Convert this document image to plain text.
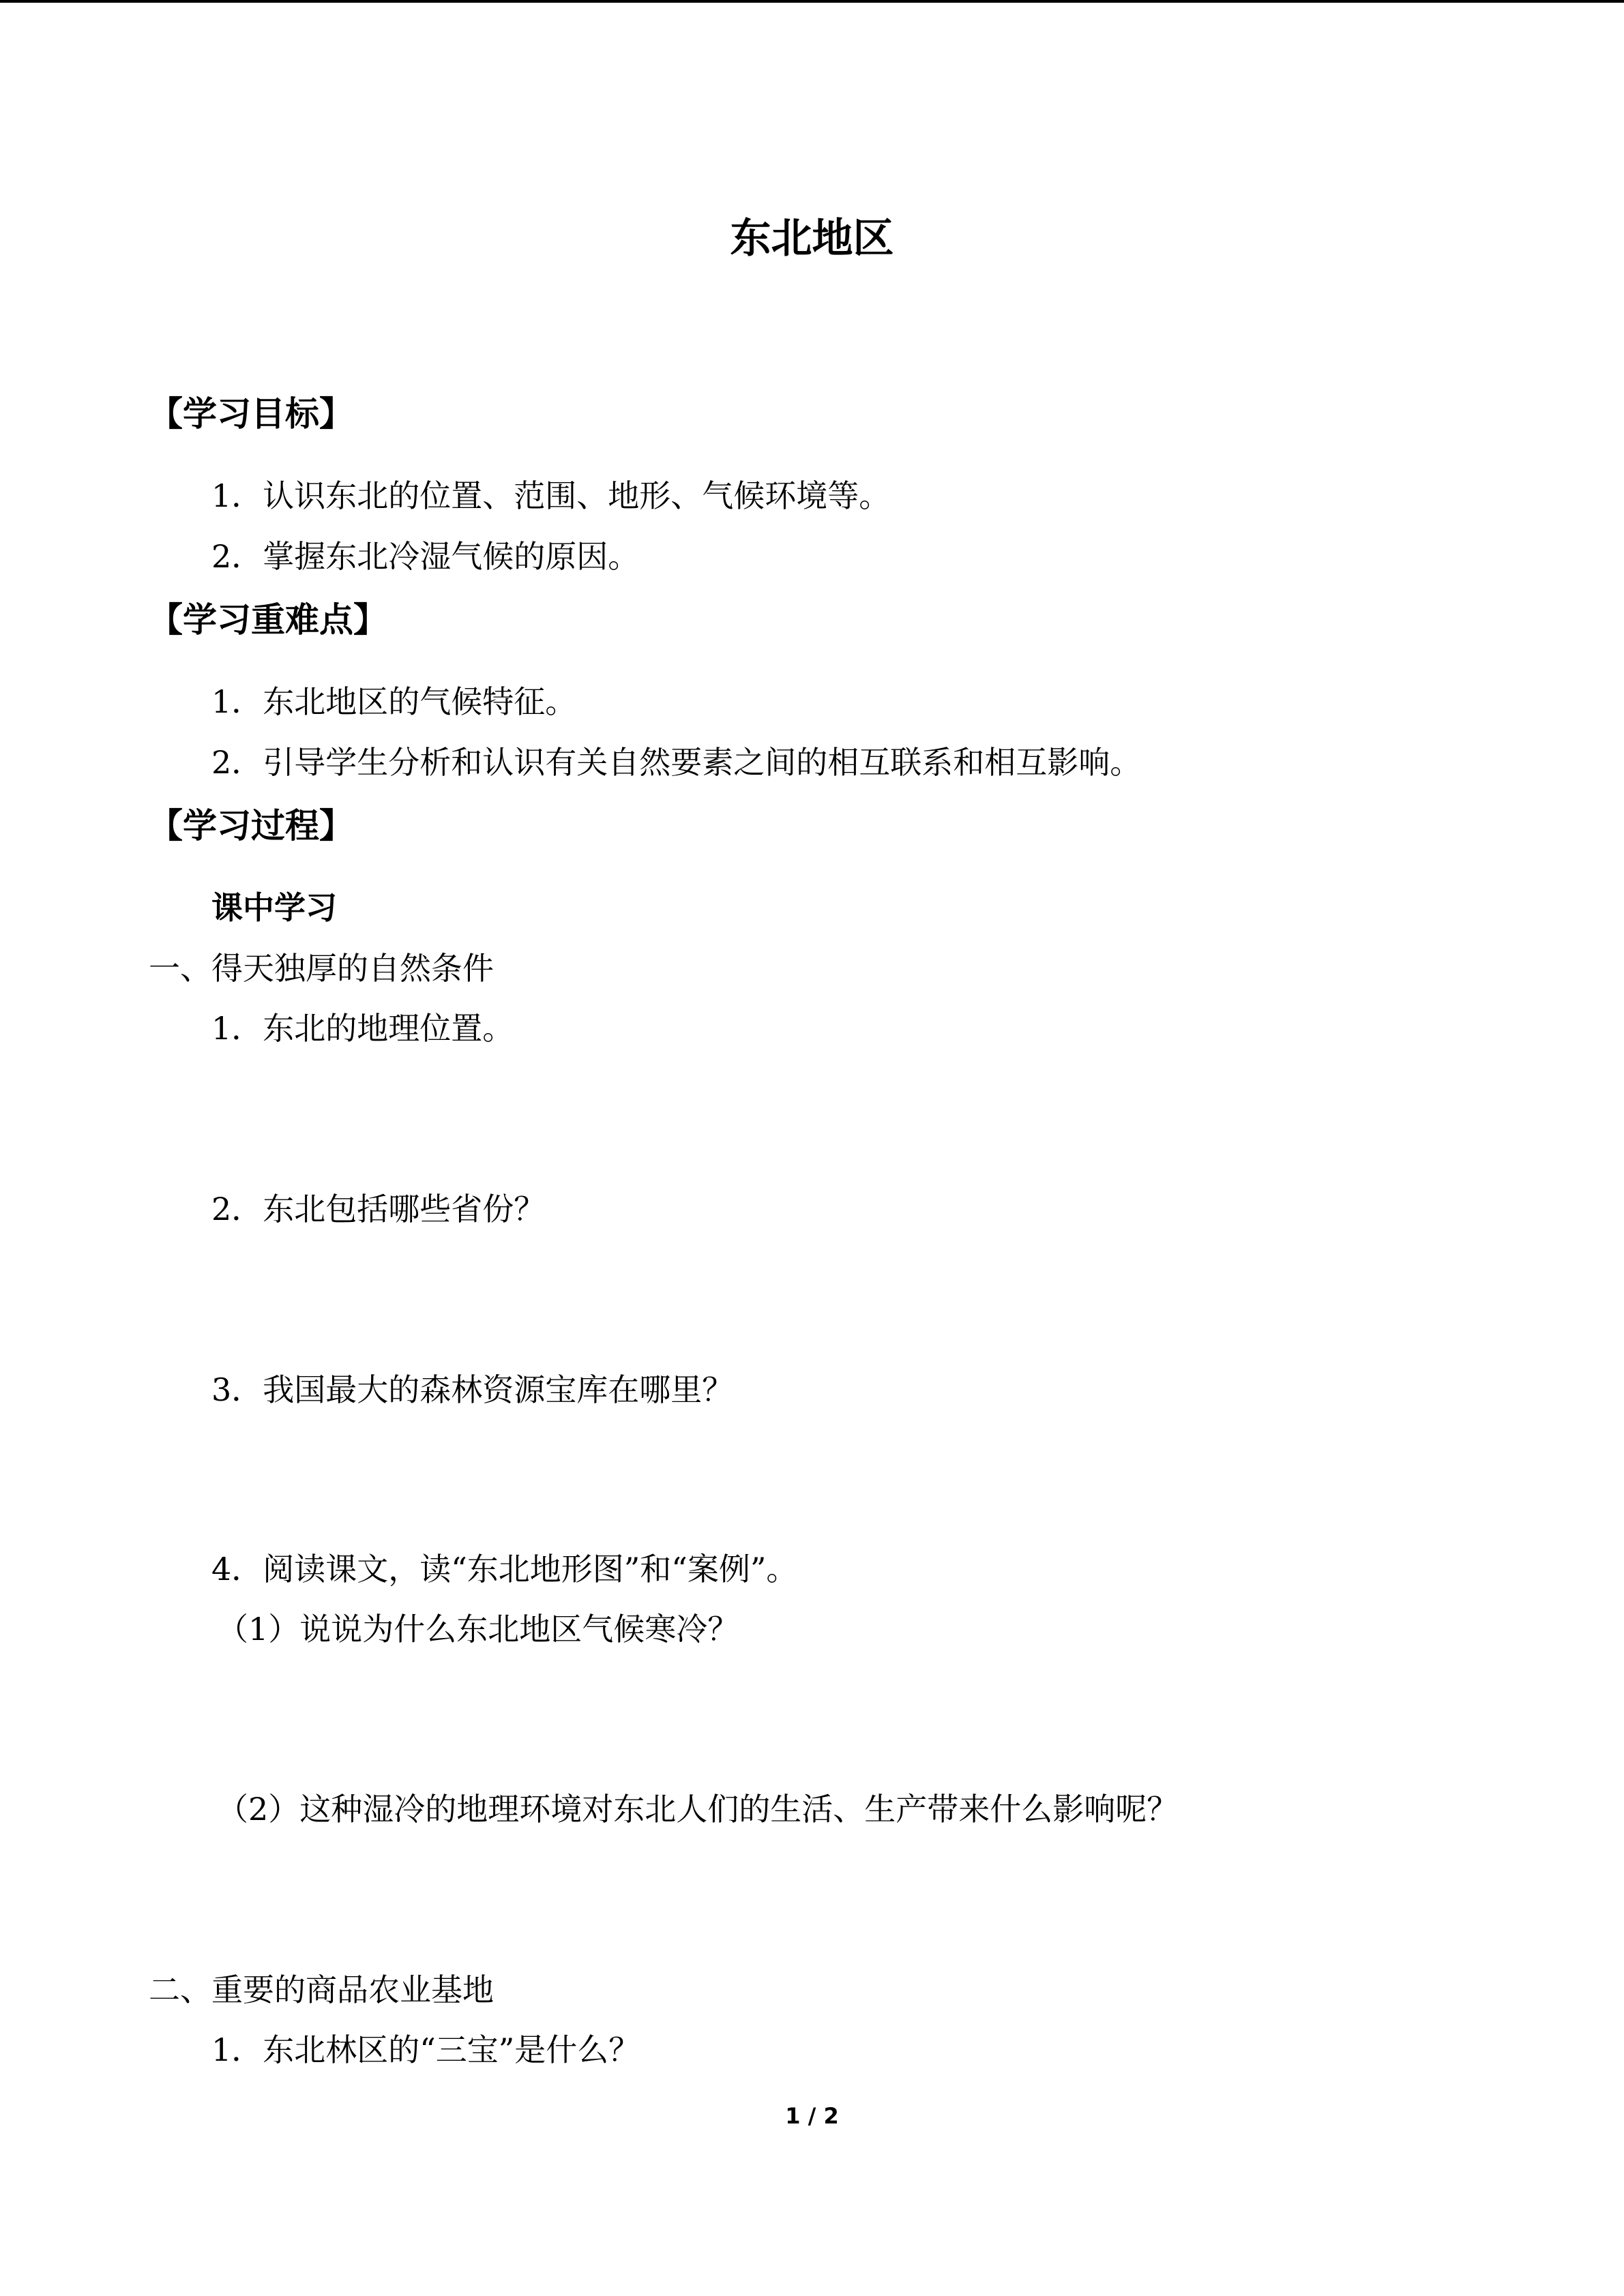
东北地区
【学习目标】
1．认识东北的位置、范围、地形、气候环境等。
2．掌握东北冷湿气候的原因。
【学习重难点】
1．东北地区的气候特征。
2．引导学生分析和认识有关自然要素之间的相互联系和相互影响。
【学习过程】
课中学习
一、得天独厚的自然条件
1．东北的地理位置。
2．东北包括哪些省份？
3．我国最大的森林资源宝库在哪里？
4．阅读课文，读“东北地形图”和“案例”。
（1）说说为什么东北地区气候寒冷？
（2）这种湿冷的地理环境对东北人们的生活、生产带来什么影响呢？
二、重要的商品农业基地
1．东北林区的“三宝”是什么？
1 / 2
